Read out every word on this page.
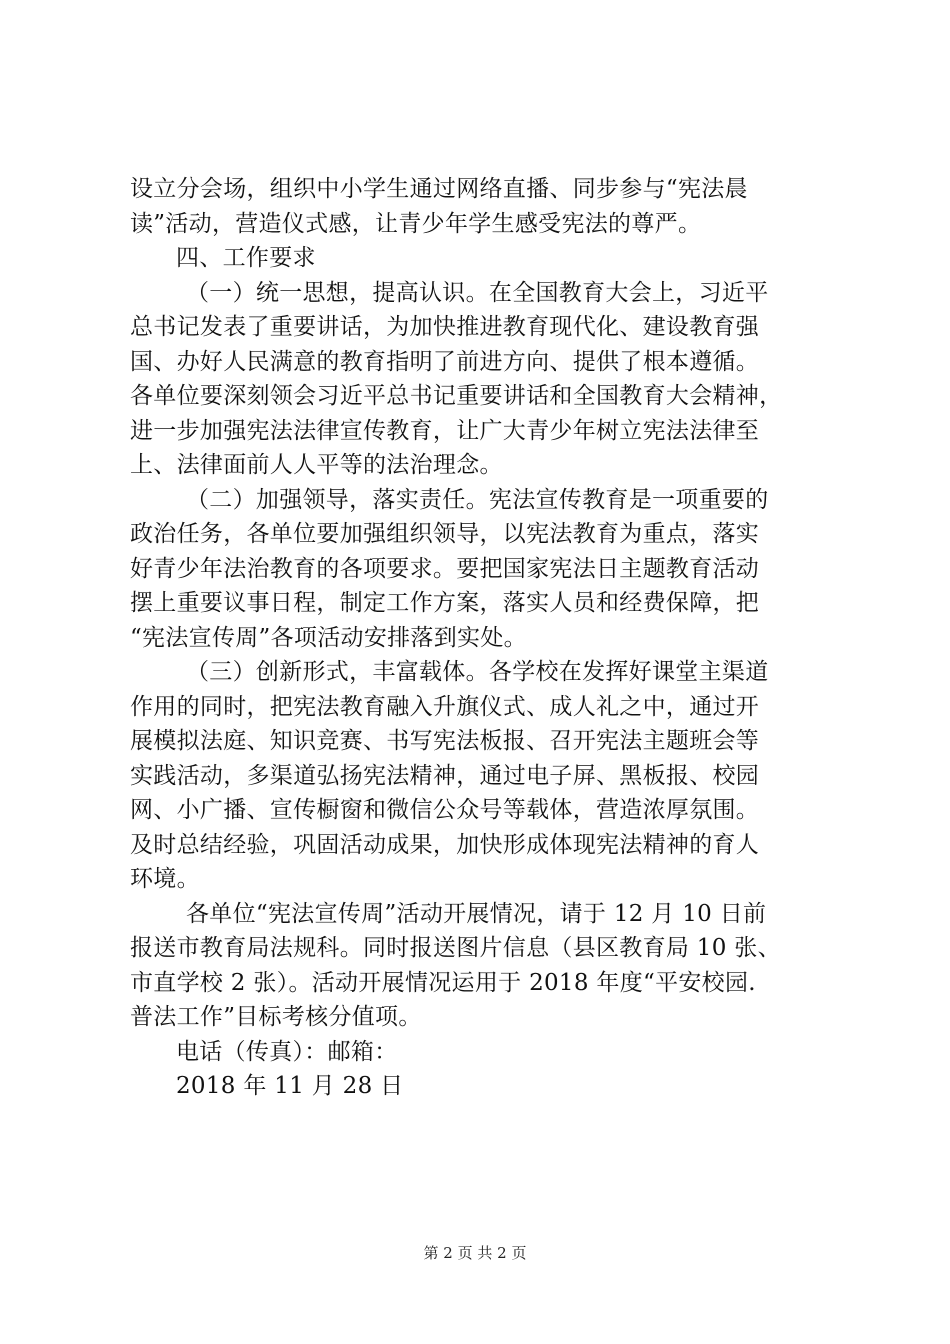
设立分会场，组织中小学生通过网络直播、同步参与“宪法晨
读”活动，营造仪式感，让青少年学生感受宪法的尊严。
四、工作要求
（一）统一思想，提高认识。在全国教育大会上，习近平
总书记发表了重要讲话，为加快推进教育现代化、建设教育强
国、办好人民满意的教育指明了前进方向、提供了根本遵循。
各单位要深刻领会习近平总书记重要讲话和全国教育大会精神，
进一步加强宪法法律宣传教育，让广大青少年树立宪法法律至
上、法律面前人人平等的法治理念。
（二）加强领导，落实责任。宪法宣传教育是一项重要的
政治任务，各单位要加强组织领导，以宪法教育为重点，落实
好青少年法治教育的各项要求。要把国家宪法日主题教育活动
摆上重要议事日程，制定工作方案，落实人员和经费保障，把
“宪法宣传周”各项活动安排落到实处。
（三）创新形式，丰富载体。各学校在发挥好课堂主渠道
作用的同时，把宪法教育融入升旗仪式、成人礼之中，通过开
展模拟法庭、知识竞赛、书写宪法板报、召开宪法主题班会等
实践活动，多渠道弘扬宪法精神，通过电子屏、黑板报、校园
网、小广播、宣传橱窗和微信公众号等载体，营造浓厚氛围。
及时总结经验，巩固活动成果，加快形成体现宪法精神的育人
环境。
各单位“宪法宣传周”活动开展情况，请于 12 月 10 日前
报送市教育局法规科。同时报送图片信息（县区教育局 10 张、
市直学校 2 张）。活动开展情况运用于 2018 年度“平安校园.
普法工作”目标考核分值项。
电话（传真）：邮箱：
2018 年 11 月 28 日
第 2 页 共 2 页
